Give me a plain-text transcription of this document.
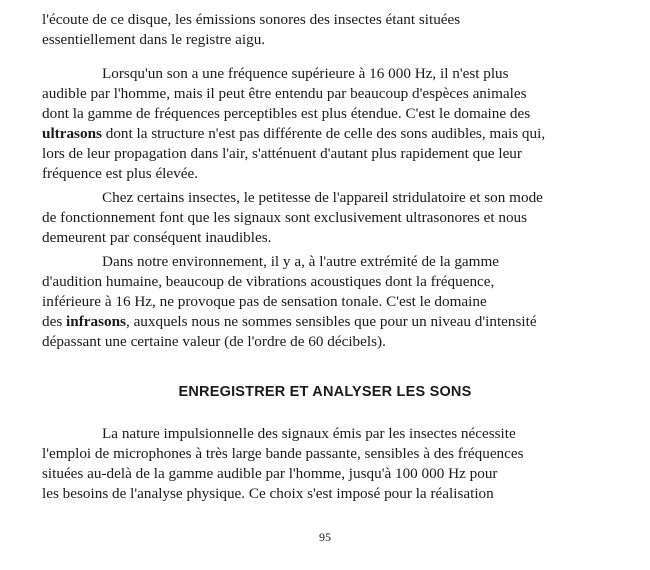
l'écoute de ce disque, les émissions sonores des insectes étant situées
essentiellement dans le registre aigu.
Lorsqu'un son a une fréquence supérieure à 16 000 Hz, il n'est plus
audible par l'homme, mais il peut être entendu par beaucoup d'espèces animales
dont la gamme de fréquences perceptibles est plus étendue. C'est le domaine des
ultrasons dont la structure n'est pas différente de celle des sons audibles, mais qui,
lors de leur propagation dans l'air, s'atténuent d'autant plus rapidement que leur
fréquence est plus élevée.
Chez certains insectes, le petitesse de l'appareil stridulatoire et son mode
de fonctionnement font que les signaux sont exclusivement ultrasonores et nous
demeurent par conséquent inaudibles.
Dans notre environnement, il y a, à l'autre extrémité de la gamme
d'audition humaine, beaucoup de vibrations acoustiques dont la fréquence,
inférieure à 16 Hz, ne provoque pas de sensation tonale. C'est le domaine
des infrasons, auxquels nous ne sommes sensibles que pour un niveau d'intensité
dépassant une certaine valeur (de l'ordre de 60 décibels).
ENREGISTRER ET ANALYSER LES SONS
La nature impulsionnelle des signaux émis par les insectes nécessite
l'emploi de microphones à très large bande passante, sensibles à des fréquences
situées au-delà de la gamme audible par l'homme, jusqu'à 100 000 Hz pour
les besoins de l'analyse physique. Ce choix s'est imposé pour la réalisation
95
